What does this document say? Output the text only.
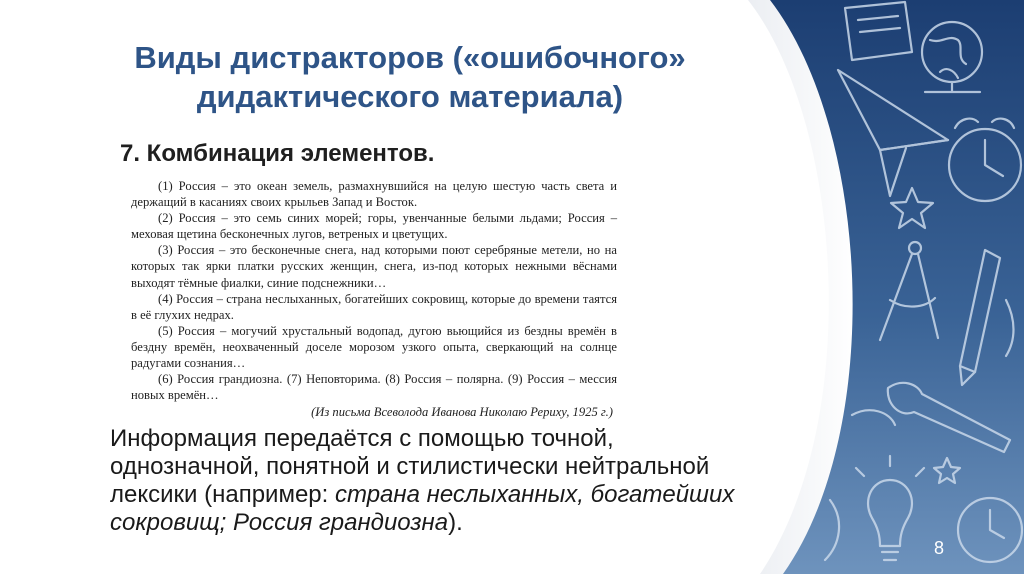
Виды дистракторов («ошибочного» дидактического материала)
7. Комбинация элементов.

(1) Россия – это океан земель, размахнувшийся на целую шестую часть света и держащий в касаниях своих крыльев Запад и Восток.

(2) Россия – это семь синих морей; горы, увенчанные белыми льдами; Россия – меховая щетина бесконечных лугов, ветреных и цветущих.

(3) Россия – это бесконечные снега, над которыми поют серебряные метели, но на которых так ярки платки русских женщин, снега, из-под которых нежными вёснами выходят тёмные фиалки, синие подснежники…

(4) Россия – страна неслыханных, богатейших сокровищ, которые до времени таятся в её глухих недрах.

(5) Россия – могучий хрустальный водопад, дугою вьющийся из бездны времён в бездну времён, неохваченный доселе морозом узкого опыта, сверкающий на солнце радугами сознания…

(6) Россия грандиозна. (7) Неповторима. (8) Россия – полярна. (9) Россия – мессия новых времён…

(Из письма Всеволода Иванова Николаю Рериху, 1925 г.)

Информация передаётся с помощью точной, однозначной, понятной и стилистически нейтральной лексики (например: страна неслыханных, богатейших сокровищ; Россия грандиозна).

8
